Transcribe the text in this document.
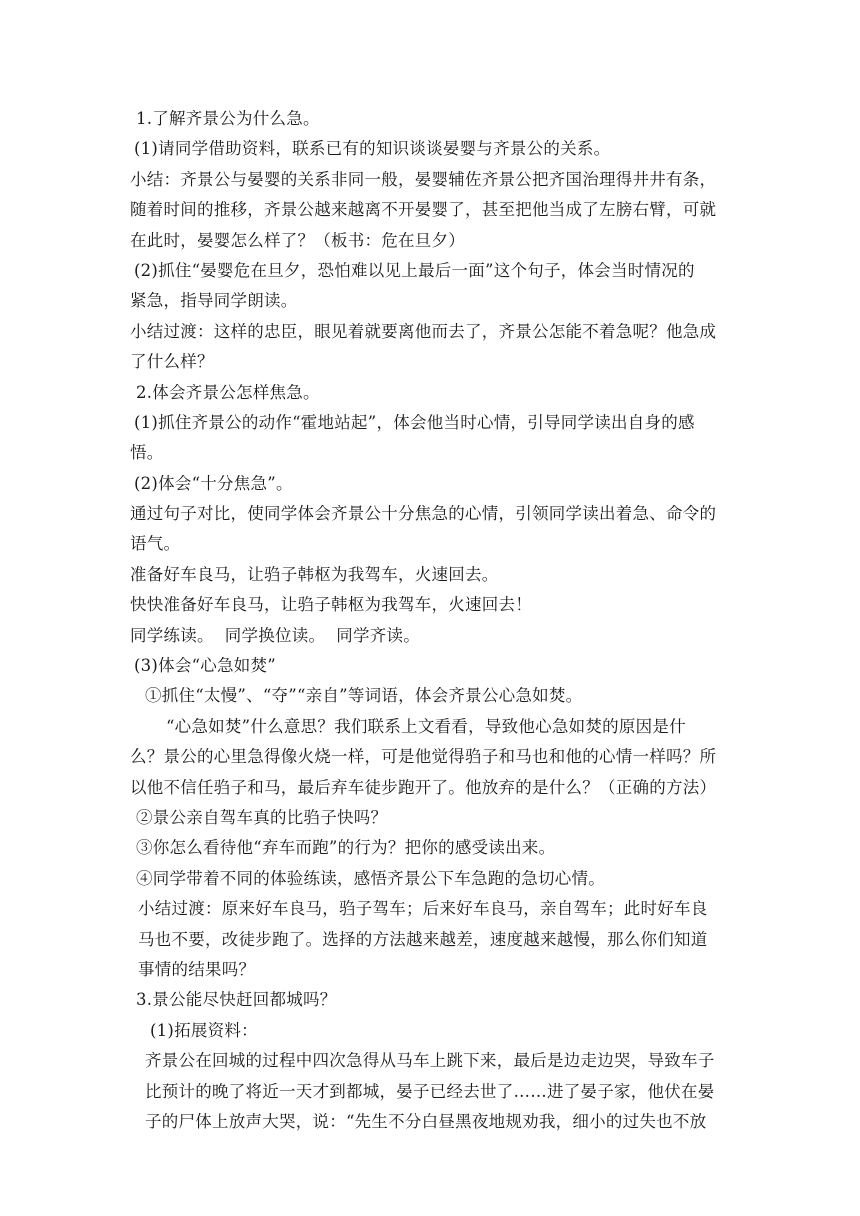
1.了解齐景公为什么急。
(1)请同学借助资料，联系已有的知识谈谈晏婴与齐景公的关系。
小结：齐景公与晏婴的关系非同一般，晏婴辅佐齐景公把齐国治理得井井有条，
随着时间的推移，齐景公越来越离不开晏婴了，甚至把他当成了左膀右臂，可就
在此时，晏婴怎么样了？（板书：危在旦夕）
(2)抓住“晏婴危在旦夕，恐怕难以见上最后一面”这个句子，体会当时情况的
紧急，指导同学朗读。
小结过渡：这样的忠臣，眼见着就要离他而去了，齐景公怎能不着急呢？他急成
了什么样？
2.体会齐景公怎样焦急。
(1)抓住齐景公的动作“霍地站起”，体会他当时心情，引导同学读出自身的感
悟。
(2)体会“十分焦急”。
通过句子对比，使同学体会齐景公十分焦急的心情，引领同学读出着急、命令的
语气。
准备好车良马，让驺子韩枢为我驾车，火速回去。
快快准备好车良马，让驺子韩枢为我驾车，火速回去！
同学练读。  同学换位读。  同学齐读。
(3)体会“心急如焚”
①抓住“太慢”、“夺”“亲自”等词语，体会齐景公心急如焚。
“心急如焚”什么意思？我们联系上文看看，导致他心急如焚的原因是什
么？景公的心里急得像火烧一样，可是他觉得驺子和马也和他的心情一样吗？所
以他不信任驺子和马，最后弃车徒步跑开了。他放弃的是什么？（正确的方法）
②景公亲自驾车真的比驺子快吗？
③你怎么看待他“弃车而跑”的行为？把你的感受读出来。
④同学带着不同的体验练读，感悟齐景公下车急跑的急切心情。
小结过渡：原来好车良马，驺子驾车；后来好车良马，亲自驾车；此时好车良
马也不要，改徒步跑了。选择的方法越来越差，速度越来越慢，那么你们知道
事情的结果吗？
3.景公能尽快赶回都城吗？
(1)拓展资料：
齐景公在回城的过程中四次急得从马车上跳下来，最后是边走边哭，导致车子
比预计的晚了将近一天才到都城，晏子已经去世了……进了晏子家，他伏在晏
子的尸体上放声大哭，说：“先生不分白昼黑夜地规劝我，细小的过失也不放
